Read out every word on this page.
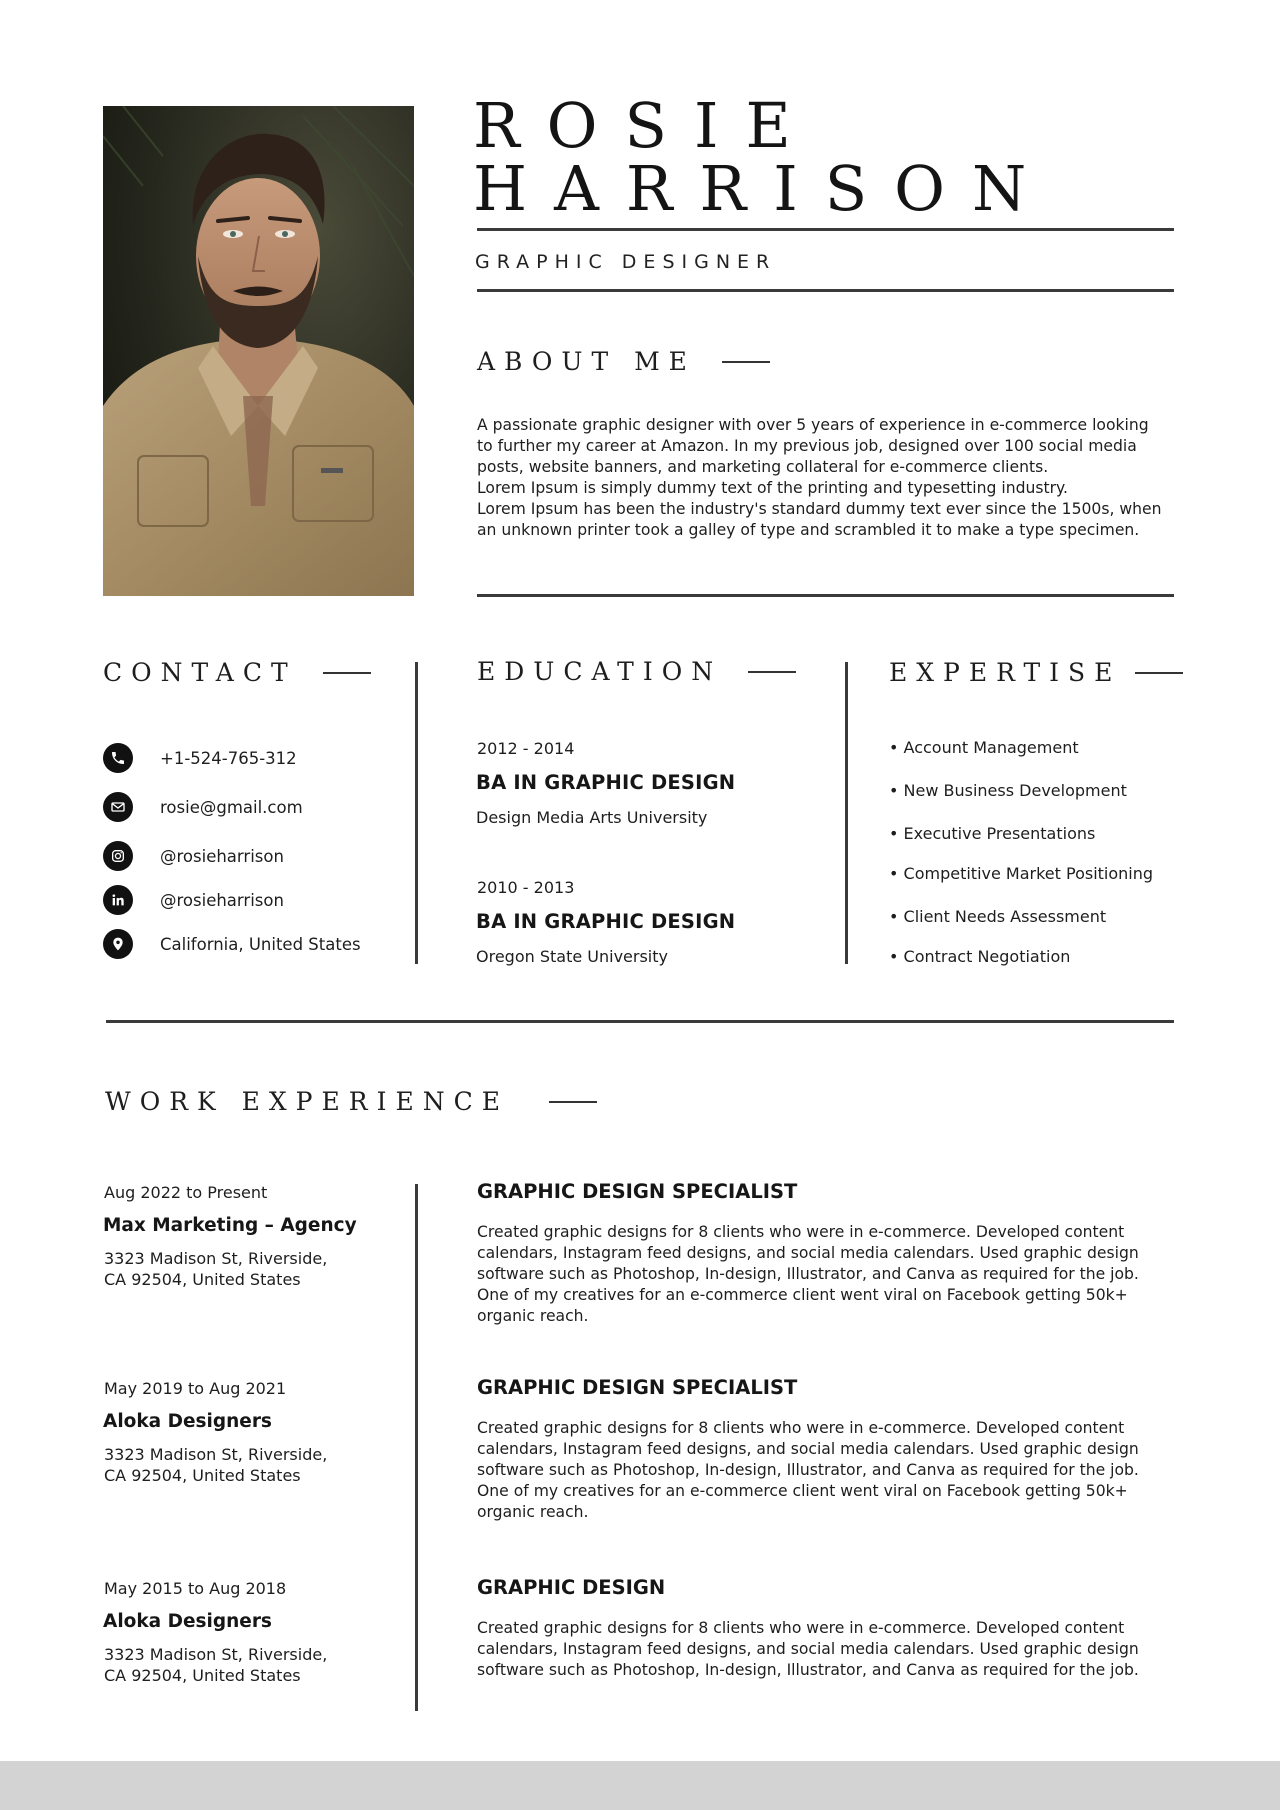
ROSIE
HARRISON
GRAPHIC DESIGNER
ABOUT ME
A passionate graphic designer with over 5 years of experience in e-commerce looking
to further my career at Amazon. In my previous job, designed over 100 social media
posts, website banners, and marketing collateral for e-commerce clients.
Lorem Ipsum is simply dummy text of the printing and typesetting industry.
Lorem Ipsum has been the industry's standard dummy text ever since the 1500s, when
an unknown printer took a galley of type and scrambled it to make a type specimen.
CONTACT
+1-524-765-312
rosie@gmail.com
@rosieharrison
@rosieharrison
California, United States
EDUCATION
2012 - 2014
BA IN GRAPHIC DESIGN
Design Media Arts University
2010 - 2013
BA IN GRAPHIC DESIGN
Oregon State University
EXPERTISE
• Account Management
• New Business Development
• Executive Presentations
• Competitive Market Positioning
• Client Needs Assessment
• Contract Negotiation
WORK EXPERIENCE
Aug 2022 to Present
Max Marketing – Agency
3323 Madison St, Riverside,
CA 92504, United States
GRAPHIC DESIGN SPECIALIST
Created graphic designs for 8 clients who were in e-commerce. Developed content
calendars, Instagram feed designs, and social media calendars. Used graphic design
software such as Photoshop, In-design, Illustrator, and Canva as required for the job.
One of my creatives for an e-commerce client went viral on Facebook getting 50k+
organic reach.
May 2019 to Aug 2021
Aloka Designers
3323 Madison St, Riverside,
CA 92504, United States
GRAPHIC DESIGN SPECIALIST
Created graphic designs for 8 clients who were in e-commerce. Developed content
calendars, Instagram feed designs, and social media calendars. Used graphic design
software such as Photoshop, In-design, Illustrator, and Canva as required for the job.
One of my creatives for an e-commerce client went viral on Facebook getting 50k+
organic reach.
May 2015 to Aug 2018
Aloka Designers
3323 Madison St, Riverside,
CA 92504, United States
GRAPHIC DESIGN
Created graphic designs for 8 clients who were in e-commerce. Developed content
calendars, Instagram feed designs, and social media calendars. Used graphic design
software such as Photoshop, In-design, Illustrator, and Canva as required for the job.
